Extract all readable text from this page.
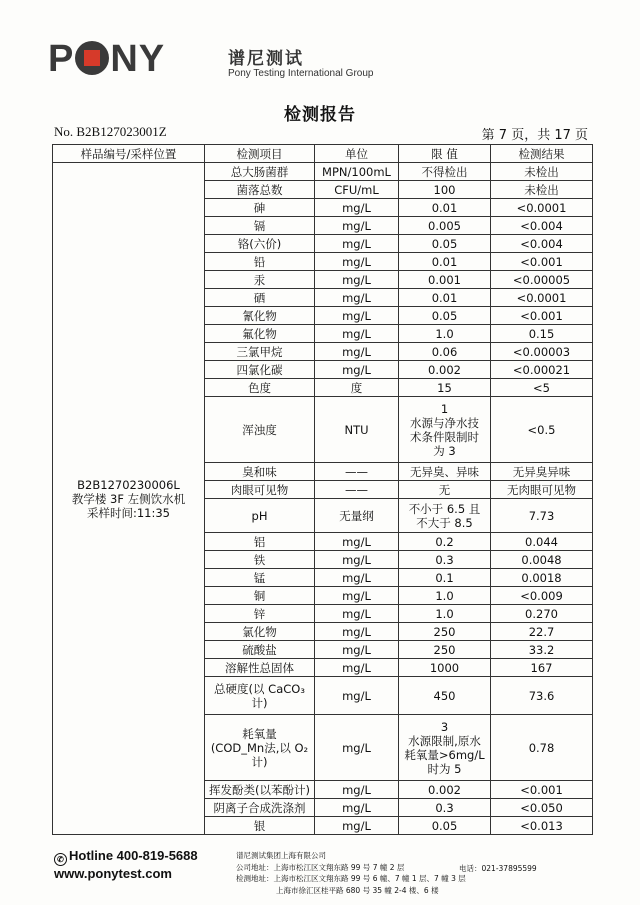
P NY	谱尼测试
Pony Testing International Group
检测报告
No. B2B127023001Z	第 7 页，共 17 页
样品编号/采样位置	检测项目	单位	限 值	检测结果

B2B1270230006L
教学楼 3F 左侧饮水机
采样时间:11:35	总大肠菌群	MPN/100mL	不得检出	未检出
	菌落总数	CFU/mL	100	未检出
	砷	mg/L	0.01	<0.0001
	镉	mg/L	0.005	<0.004
	铬(六价)	mg/L	0.05	<0.004
	铅	mg/L	0.01	<0.001
	汞	mg/L	0.001	<0.00005
	硒	mg/L	0.01	<0.0001
	氰化物	mg/L	0.05	<0.001
	氟化物	mg/L	1.0	0.15
	三氯甲烷	mg/L	0.06	<0.00003
	四氯化碳	mg/L	0.002	<0.00021
	色度	度	15	<5
	浑浊度	NTU	1
水源与净水技
术条件限制时
为 3	<0.5
	臭和味	——	无异臭、异味	无异臭异味
	肉眼可见物	——	无	无肉眼可见物
	pH	无量纲	不小于 6.5 且
不大于 8.5	7.73
	铝	mg/L	0.2	0.044
	铁	mg/L	0.3	0.0048
	锰	mg/L	0.1	0.0018
	铜	mg/L	1.0	<0.009
	锌	mg/L	1.0	0.270
	氯化物	mg/L	250	22.7
	硫酸盐	mg/L	250	33.2
	溶解性总固体	mg/L	1000	167
	总硬度(以 CaCO₃计)	mg/L	450	73.6
	耗氧量
(COD_Mn法,以 O₂计)	mg/L	3
水源限制,原水
耗氧量>6mg/L
时为 5	0.78
	挥发酚类(以苯酚计)	mg/L	0.002	<0.001
	阴离子合成洗涤剂	mg/L	0.3	<0.050
	银	mg/L	0.05	<0.013
✆ Hotline 400-819-5688
www.ponytest.com
谱尼测试集团上海有限公司
公司地址：上海市松江区文翔东路 99 号 7 幢 2 层
检测地址：上海市松江区文翔东路 99 号 6 幢、7 幢 1 层、7 幢 3 层
上海市徐汇区桂平路 680 号 35 幢 2-4 楼、6 楼
电话：021-37895599
